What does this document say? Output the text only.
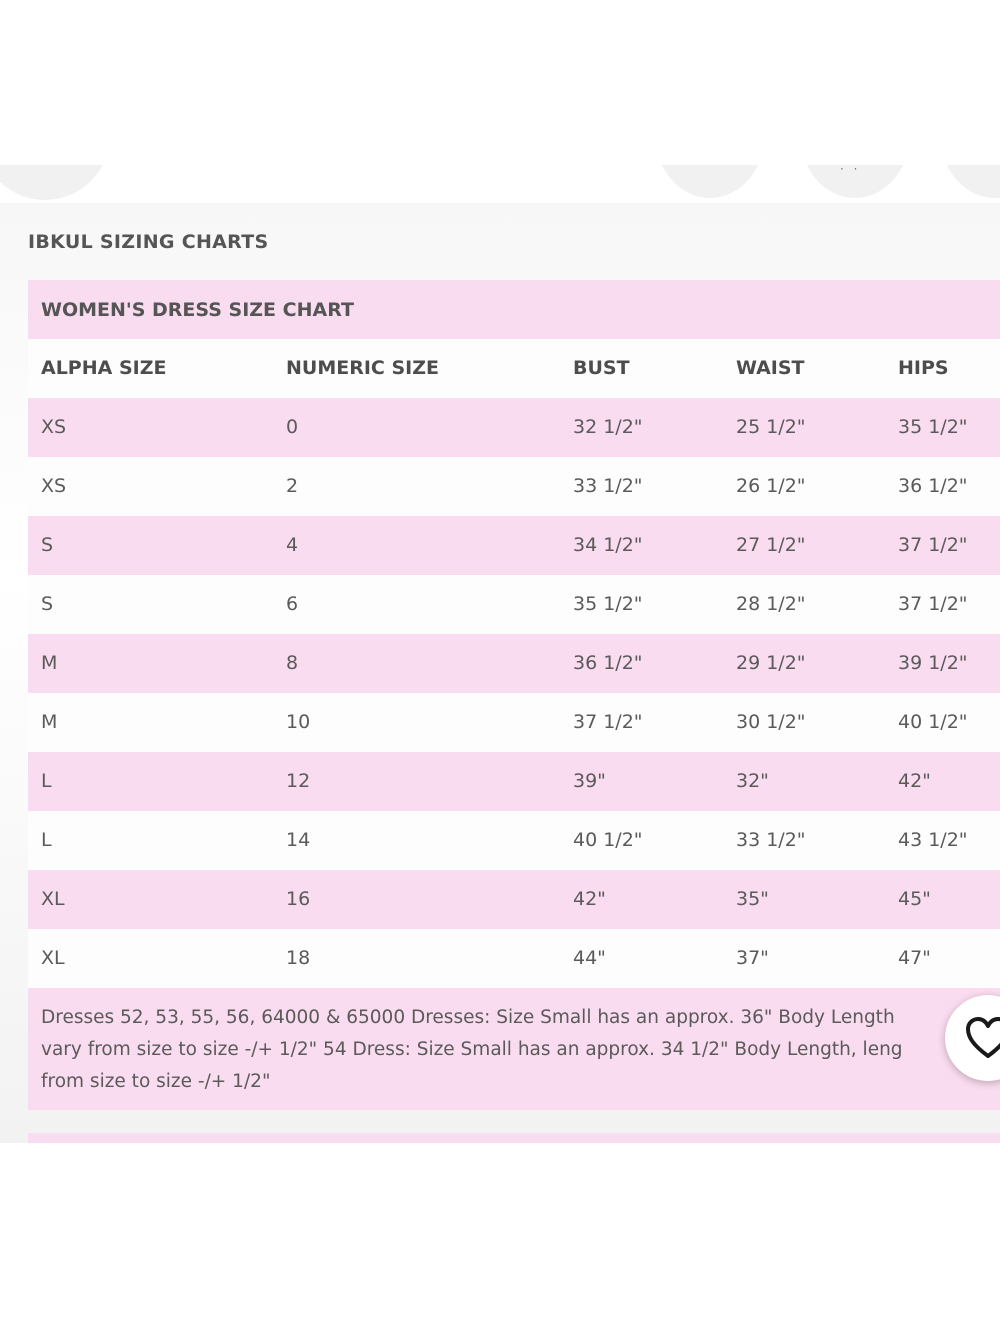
· ·
IBKUL SIZING CHARTS
WOMEN'S DRESS SIZE CHART
ALPHA SIZE	NUMERIC SIZE	BUST	WAIST	HIPS
XS	0	32 1/2"	25 1/2"	35 1/2"
XS	2	33 1/2"	26 1/2"	36 1/2"
S	4	34 1/2"	27 1/2"	37 1/2"
S	6	35 1/2"	28 1/2"	37 1/2"
M	8	36 1/2"	29 1/2"	39 1/2"
M	10	37 1/2"	30 1/2"	40 1/2"
L	12	39"	32"	42"
L	14	40 1/2"	33 1/2"	43 1/2"
XL	16	42"	35"	45"
XL	18	44"	37"	47"
Dresses 52, 53, 55, 56, 64000 & 65000 Dresses: Size Small has an approx. 36" Body Length
vary from size to size -/+ 1/2" 54 Dress: Size Small has an approx. 34 1/2" Body Length, leng
from size to size -/+ 1/2"
